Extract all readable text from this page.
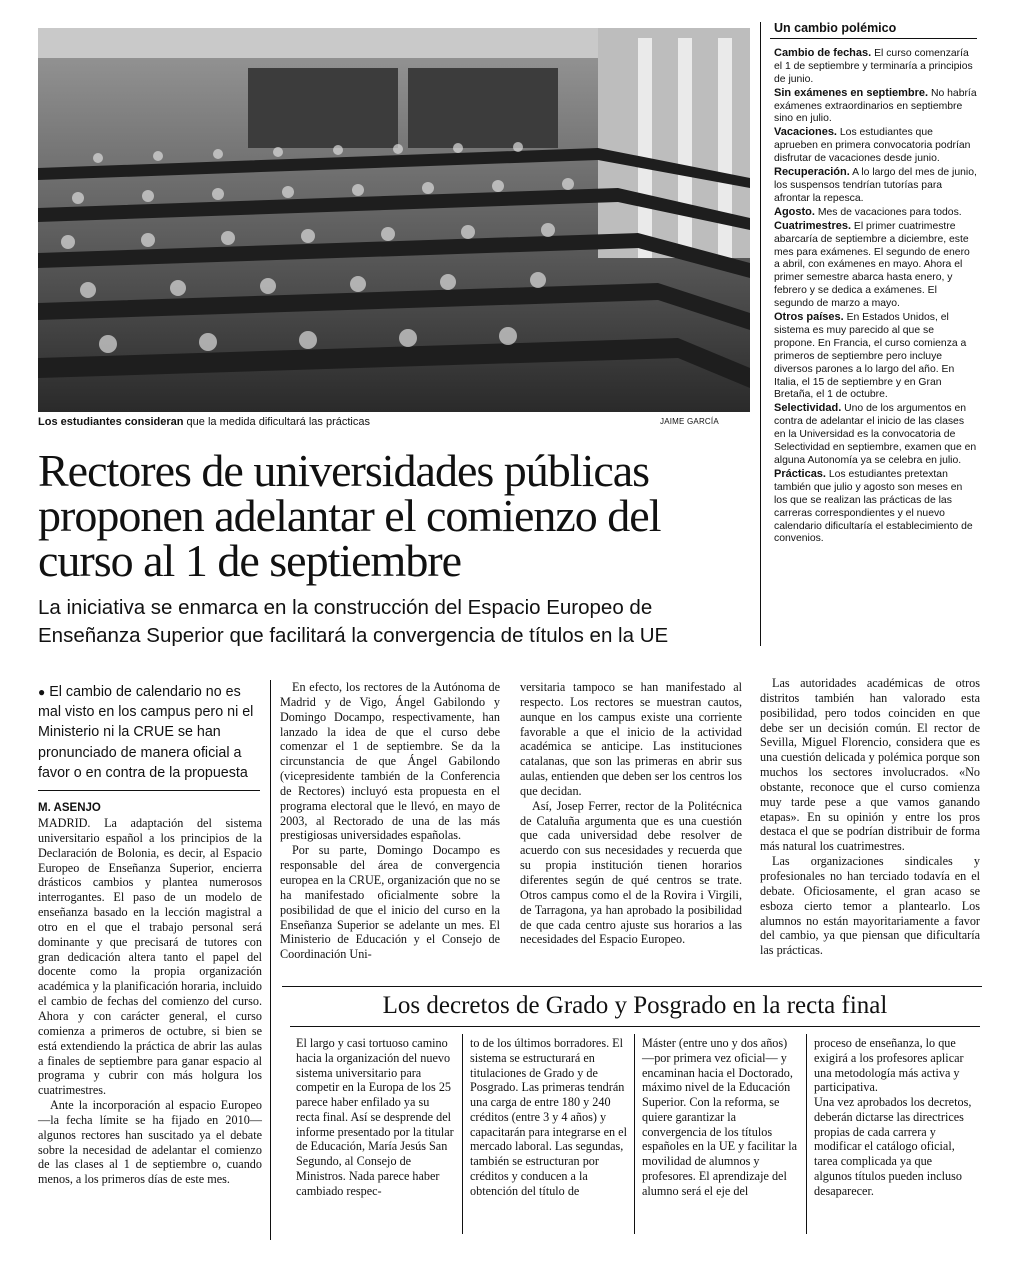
Los estudiantes consideran que la medida dificultará las prácticas	JAIME GARCÍA
Rectores de universidades públicas proponen adelantar el comienzo del curso al 1 de septiembre
La iniciativa se enmarca en la construcción del Espacio Europeo de Enseñanza Superior que facilitará la convergencia de títulos en la UE
Un cambio polémico

Cambio de fechas. El curso comenzaría el 1 de septiembre y terminaría a principios de junio.

Sin exámenes en septiembre. No habría exámenes extraordinarios en septiembre sino en julio.

Vacaciones. Los estudiantes que aprueben en primera convocatoria podrían disfrutar de vacaciones desde junio.

Recuperación. A lo largo del mes de junio, los suspensos tendrían tutorías para afrontar la repesca.

Agosto. Mes de vacaciones para todos.

Cuatrimestres. El primer cuatrimestre abarcaría de septiembre a diciembre, este mes para exámenes. El segundo de enero a abril, con exámenes en mayo. Ahora el primer semestre abarca hasta enero, y febrero y se dedica a exámenes. El segundo de marzo a mayo.

Otros países. En Estados Unidos, el sistema es muy parecido al que se propone. En Francia, el curso comienza a primeros de septiembre pero incluye diversos parones a lo largo del año. En Italia, el 15 de septiembre y en Gran Bretaña, el 1 de octubre.

Selectividad. Uno de los argumentos en contra de adelantar el inicio de las clases en la Universidad es la convocatoria de Selectividad en septiembre, examen que en alguna Autonomía ya se celebra en julio.

Prácticas. Los estudiantes pretextan también que julio y agosto son meses en los que se realizan las prácticas de las carreras correspondientes y el nuevo calendario dificultaría el establecimiento de convenios.

● El cambio de calendario no es mal visto en los campus pero ni el Ministerio ni la CRUE se han pronunciado de manera oficial a favor o en contra de la propuesta
M. ASENJO

MADRID. La adaptación del sistema universitario español a los principios de la Declaración de Bolonia, es decir, al Espacio Europeo de Enseñanza Superior, encierra drásticos cambios y plantea numerosos interrogantes. El paso de un modelo de enseñanza basado en la lección magistral a otro en el que el trabajo personal será dominante y que precisará de tutores con gran dedicación altera tanto el papel del docente como la propia organización académica y la planificación horaria, incluido el cambio de fechas del comienzo del curso. Ahora y con carácter general, el curso comienza a primeros de octubre, si bien se está extendiendo la práctica de abrir las aulas a finales de septiembre para ganar espacio al programa y cubrir con más holgura los cuatrimestres.

Ante la incorporación al espacio Europeo —la fecha límite se ha fijado en 2010— algunos rectores han suscitado ya el debate sobre la necesidad de adelantar el comienzo de las clases al 1 de septiembre o, cuando menos, a los primeros días de este mes.

En efecto, los rectores de la Autónoma de Madrid y de Vigo, Ángel Gabilondo y Domingo Docampo, respectivamente, han lanzado la idea de que el curso debe comenzar el 1 de septiembre. Se da la circunstancia de que Ángel Gabilondo (vicepresidente también de la Conferencia de Rectores) incluyó esta propuesta en el programa electoral que le llevó, en mayo de 2003, al Rectorado de una de las más prestigiosas universidades españolas.

Por su parte, Domingo Docampo es responsable del área de convergencia europea en la CRUE, organización que no se ha manifestado oficialmente sobre la posibilidad de que el inicio del curso en la Enseñanza Superior se adelante un mes. El Ministerio de Educación y el Consejo de Coordinación Uni-

versitaria tampoco se han manifestado al respecto. Los rectores se muestran cautos, aunque en los campus existe una corriente favorable a que el inicio de la actividad académica se anticipe. Las instituciones catalanas, que son las primeras en abrir sus aulas, entienden que deben ser los centros los que decidan.

Así, Josep Ferrer, rector de la Politécnica de Cataluña argumenta que es una cuestión que cada universidad debe resolver de acuerdo con sus necesidades y recuerda que su propia institución tienen horarios diferentes según de qué centros se trate. Otros campus como el de la Rovira i Virgili, de Tarragona, ya han aprobado la posibilidad de que cada centro ajuste sus horarios a las necesidades del Espacio Europeo.

Las autoridades académicas de otros distritos también han valorado esta posibilidad, pero todos coinciden en que debe ser un decisión común. El rector de Sevilla, Miguel Florencio, considera que es una cuestión delicada y polémica porque son muchos los sectores involucrados. «No obstante, reconoce que el curso comienza muy tarde pese a que vamos ganando etapas». En su opinión y entre los pros destaca el que se podrían distribuir de forma más natural los cuatrimestres.

Las organizaciones sindicales y profesionales no han terciado todavía en el debate. Oficiosamente, el gran acaso se esboza cierto temor a plantearlo. Los alumnos no están mayoritariamente a favor del cambio, ya que piensan que dificultaría las prácticas.

Los decretos de Grado y Posgrado en la recta final

El largo y casi tortuoso camino hacia la organización del nuevo sistema universitario para competir en la Europa de los 25 parece haber enfilado ya su recta final. Así se desprende del informe presentado por la titular de Educación, María Jesús San Segundo, al Consejo de Ministros. Nada parece haber cambiado respec-

to de los últimos borradores. El sistema se estructurará en titulaciones de Grado y de Posgrado. Las primeras tendrán una carga de entre 180 y 240 créditos (entre 3 y 4 años) y capacitarán para integrarse en el mercado laboral. Las segundas, también se estructuran por créditos y conducen a la obtención del título de

Máster (entre uno y dos años) —por primera vez oficial— y encaminan hacia el Doctorado, máximo nivel de la Educación Superior. Con la reforma, se quiere garantizar la convergencia de los títulos españoles en la UE y facilitar la movilidad de alumnos y profesores. El aprendizaje del alumno será el eje del

proceso de enseñanza, lo que exigirá a los profesores aplicar una metodología más activa y participativa.

Una vez aprobados los decretos, deberán dictarse las directrices propias de cada carrera y modificar el catálogo oficial, tarea complicada ya que algunos títulos pueden incluso desaparecer.
